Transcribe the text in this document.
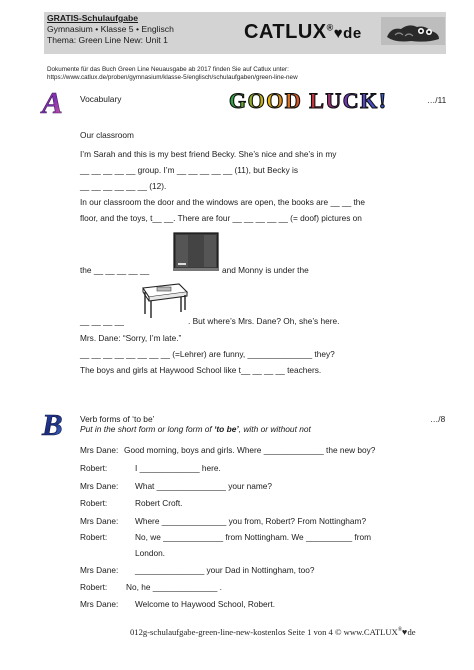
GRATIS-Schulaufgabe
Gymnasium • Klasse 5 • Englisch
Thema: Green Line New: Unit 1	CATLUX®♥de
Dokumente für das Buch Green Line Neuausgabe ab 2017 finden Sie auf Catlux unter:
https://www.catlux.de/proben/gymnasium/klasse-5/englisch/schulaufgaben/green-line-new
A Vocabulary	GOOD LUCK!	…/11
Our classroom
I’m Sarah and this is my best friend Becky. She’s nice and she’s in my
__ __ __ __ __ group. I’m __ __ __ __ __ (11), but Becky is
__ __ __ __ __ __ (12).
In our classroom the door and the windows are open, the books are __ __ the
floor, and the toys, t__ __. There are four __ __ __ __ __ (= doof) pictures on
the __ __ __ __ __	and Monny is under the
__ __ __ __	. But where’s Mrs. Dane? Oh, she’s here.
Mrs. Dane: “Sorry, I’m late.”
__ __ __ __ __ __ __ __ (=Lehrer) are funny, ______________ they?
The boys and girls at Haywood School like t__ __ __ __ teachers.
B Verb forms of ‘to be’
Put in the short form or long form of ‘to be’, with or without not
…/8
Mrs Dane: Good morning, boys and girls. Where _____________ the new boy?
Robert:	I _____________ here.
Mrs Dane: What _______________ your name?
Robert:	Robert Croft.
Mrs Dane: Where ______________ you from, Robert? From Nottingham?
Robert:	No, we _____________ from Nottingham. We __________ from
London.
Mrs Dane: _______________ your Dad in Nottingham, too?
Robert: No, he ______________ .
Mrs Dane: Welcome to Haywood School, Robert.
012g-schulaufgabe-green-line-new-kostenlos Seite 1 von 4 © www.CATLUX®♥de
